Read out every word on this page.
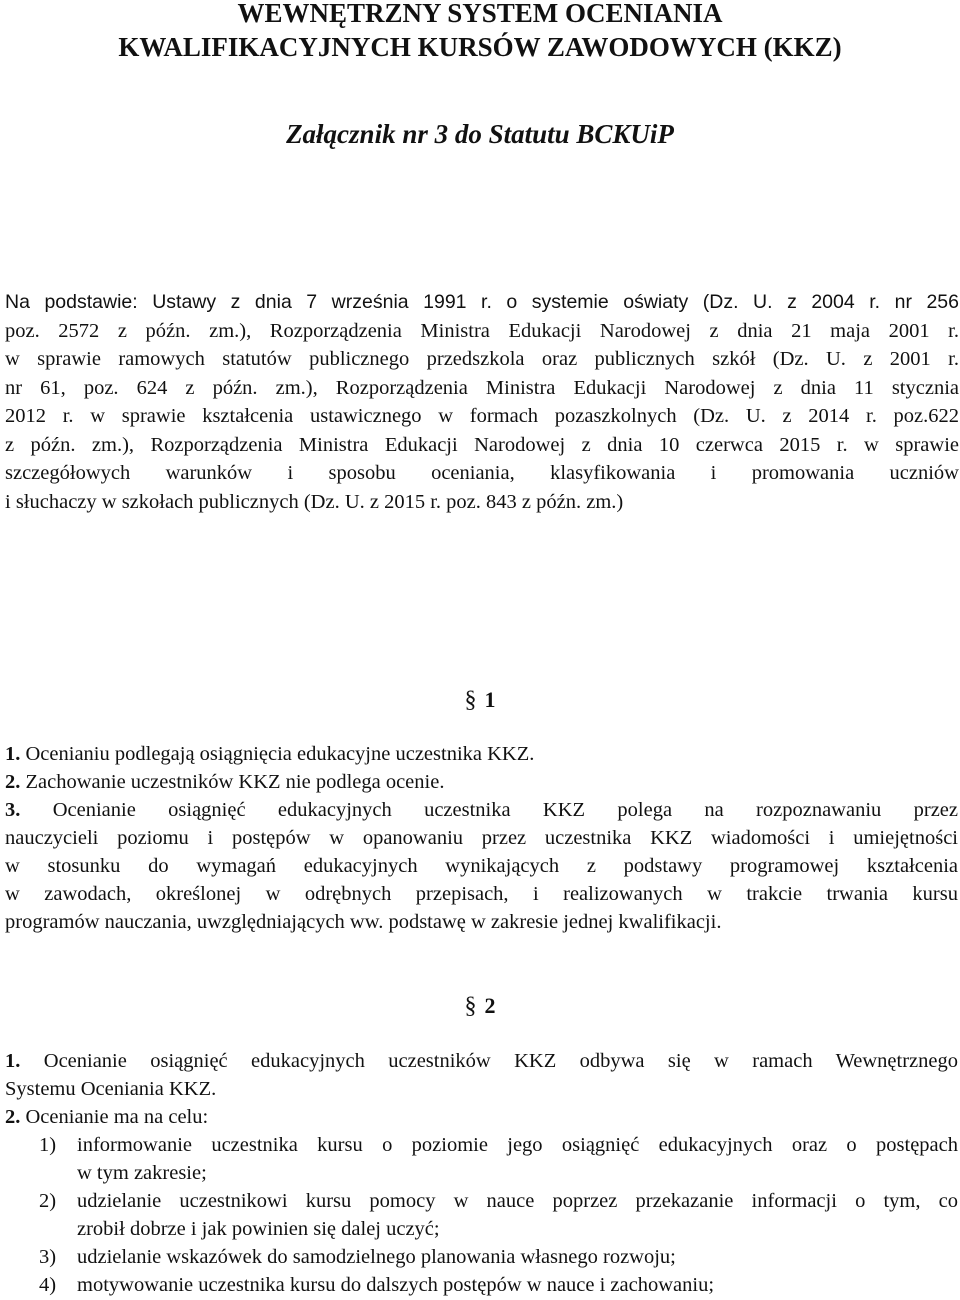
WEWNĘTRZNY SYSTEM OCENIANIA
KWALIFIKACYJNYCH KURSÓW ZAWODOWYCH (KKZ)
Załącznik nr 3 do Statutu BCKUiP
Na podstawie: Ustawy z dnia 7 września 1991 r. o systemie oświaty (Dz. U. z 2004 r. nr 256
poz. 2572 z późn. zm.), Rozporządzenia Ministra Edukacji Narodowej z dnia 21 maja 2001 r.
w sprawie ramowych statutów publicznego przedszkola oraz publicznych szkół (Dz. U. z 2001 r.
nr 61, poz. 624 z późn. zm.), Rozporządzenia Ministra Edukacji Narodowej z dnia 11 stycznia
2012 r. w sprawie kształcenia ustawicznego w formach pozaszkolnych (Dz. U. z 2014 r. poz.622
z późn. zm.), Rozporządzenia Ministra Edukacji Narodowej z dnia 10 czerwca 2015 r. w sprawie
szczegółowych warunków i sposobu oceniania, klasyfikowania i promowania uczniów
i słuchaczy w szkołach publicznych (Dz. U. z 2015 r. poz. 843 z późn. zm.)
§ 1
1. Ocenianiu podlegają osiągnięcia edukacyjne uczestnika KKZ.
2. Zachowanie uczestników KKZ nie podlega ocenie.
3. Ocenianie osiągnięć edukacyjnych uczestnika KKZ polega na rozpoznawaniu przez
nauczycieli poziomu i postępów w opanowaniu przez uczestnika KKZ wiadomości i umiejętności
w stosunku do wymagań edukacyjnych wynikających z podstawy programowej kształcenia
w zawodach, określonej w odrębnych przepisach, i realizowanych w trakcie trwania kursu
programów nauczania, uwzględniających ww. podstawę w zakresie jednej kwalifikacji.
§ 2
1. Ocenianie osiągnięć edukacyjnych uczestników KKZ odbywa się w ramach Wewnętrznego
Systemu Oceniania KKZ.
2. Ocenianie ma na celu:
1) informowanie uczestnika kursu o poziomie jego osiągnięć edukacyjnych oraz o postępach
w tym zakresie;
2) udzielanie uczestnikowi kursu pomocy w nauce poprzez przekazanie informacji o tym, co
zrobił dobrze i jak powinien się dalej uczyć;
3) udzielanie wskazówek do samodzielnego planowania własnego rozwoju;
4) motywowanie uczestnika kursu do dalszych postępów w nauce i zachowaniu;
